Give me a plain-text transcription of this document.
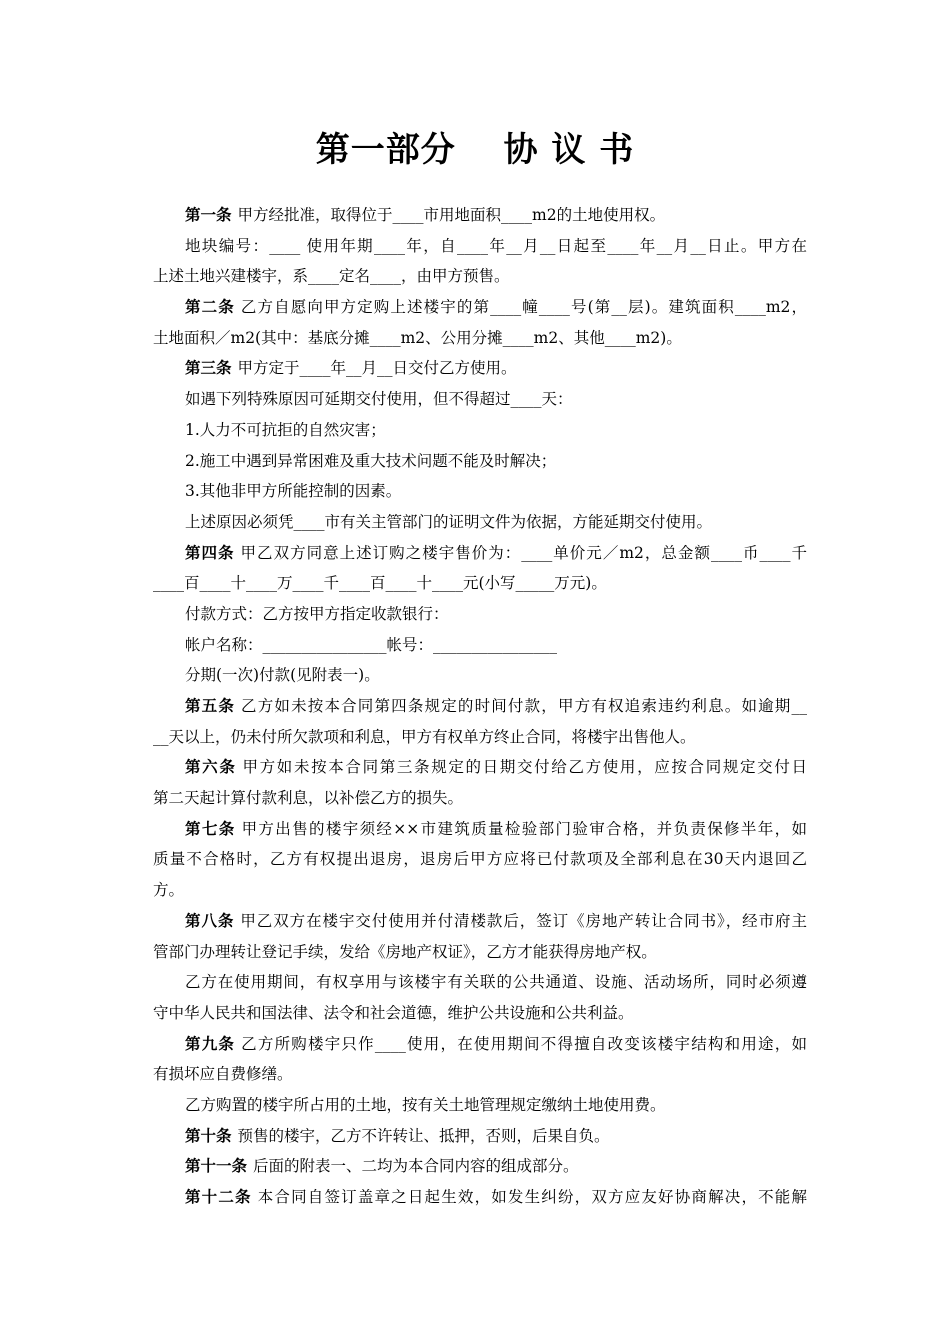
第一部分　 协 议 书
第一条 甲方经批准，取得位于____市用地面积____m2的土地使用权。
地块编号：____ 使用年期____年，自____年__月__日起至____年__月__日止。甲方在
上述土地兴建楼宇，系____定名____，由甲方预售。
第二条 乙方自愿向甲方定购上述楼宇的第____幢____号(第__层)。建筑面积____m2，
土地面积／m2(其中：基底分摊____m2、公用分摊____m2、其他____m2)。
第三条 甲方定于____年__月__日交付乙方使用。
如遇下列特殊原因可延期交付使用，但不得超过____天：
1.人力不可抗拒的自然灾害；
2.施工中遇到异常困难及重大技术问题不能及时解决；
3.其他非甲方所能控制的因素。
上述原因必须凭____市有关主管部门的证明文件为依据，方能延期交付使用。
第四条 甲乙双方同意上述订购之楼宇售价为：____单价元／m2，总金额____币____千
____百____十____万____千____百____十____元(小写_____万元)。
付款方式：乙方按甲方指定收款银行：
帐户名称：________________帐号：________________
分期(一次)付款(见附表一)。
第五条 乙方如未按本合同第四条规定的时间付款，甲方有权追索违约利息。如逾期__
__天以上，仍未付所欠款项和利息，甲方有权单方终止合同，将楼宇出售他人。
第六条 甲方如未按本合同第三条规定的日期交付给乙方使用，应按合同规定交付日
第二天起计算付款利息，以补偿乙方的损失。
第七条 甲方出售的楼宇须经××市建筑质量检验部门验审合格，并负责保修半年，如
质量不合格时，乙方有权提出退房，退房后甲方应将已付款项及全部利息在30天内退回乙
方。
第八条 甲乙双方在楼宇交付使用并付清楼款后，签订《房地产转让合同书》，经市府主
管部门办理转让登记手续，发给《房地产权证》，乙方才能获得房地产权。
乙方在使用期间，有权享用与该楼宇有关联的公共通道、设施、活动场所，同时必须遵
守中华人民共和国法律、法令和社会道德，维护公共设施和公共利益。
第九条 乙方所购楼宇只作____使用，在使用期间不得擅自改变该楼宇结构和用途，如
有损坏应自费修缮。
乙方购置的楼宇所占用的土地，按有关土地管理规定缴纳土地使用费。
第十条 预售的楼宇，乙方不许转让、抵押，否则，后果自负。
第十一条 后面的附表一、二均为本合同内容的组成部分。
第十二条 本合同自签订盖章之日起生效，如发生纠纷，双方应友好协商解决，不能解
